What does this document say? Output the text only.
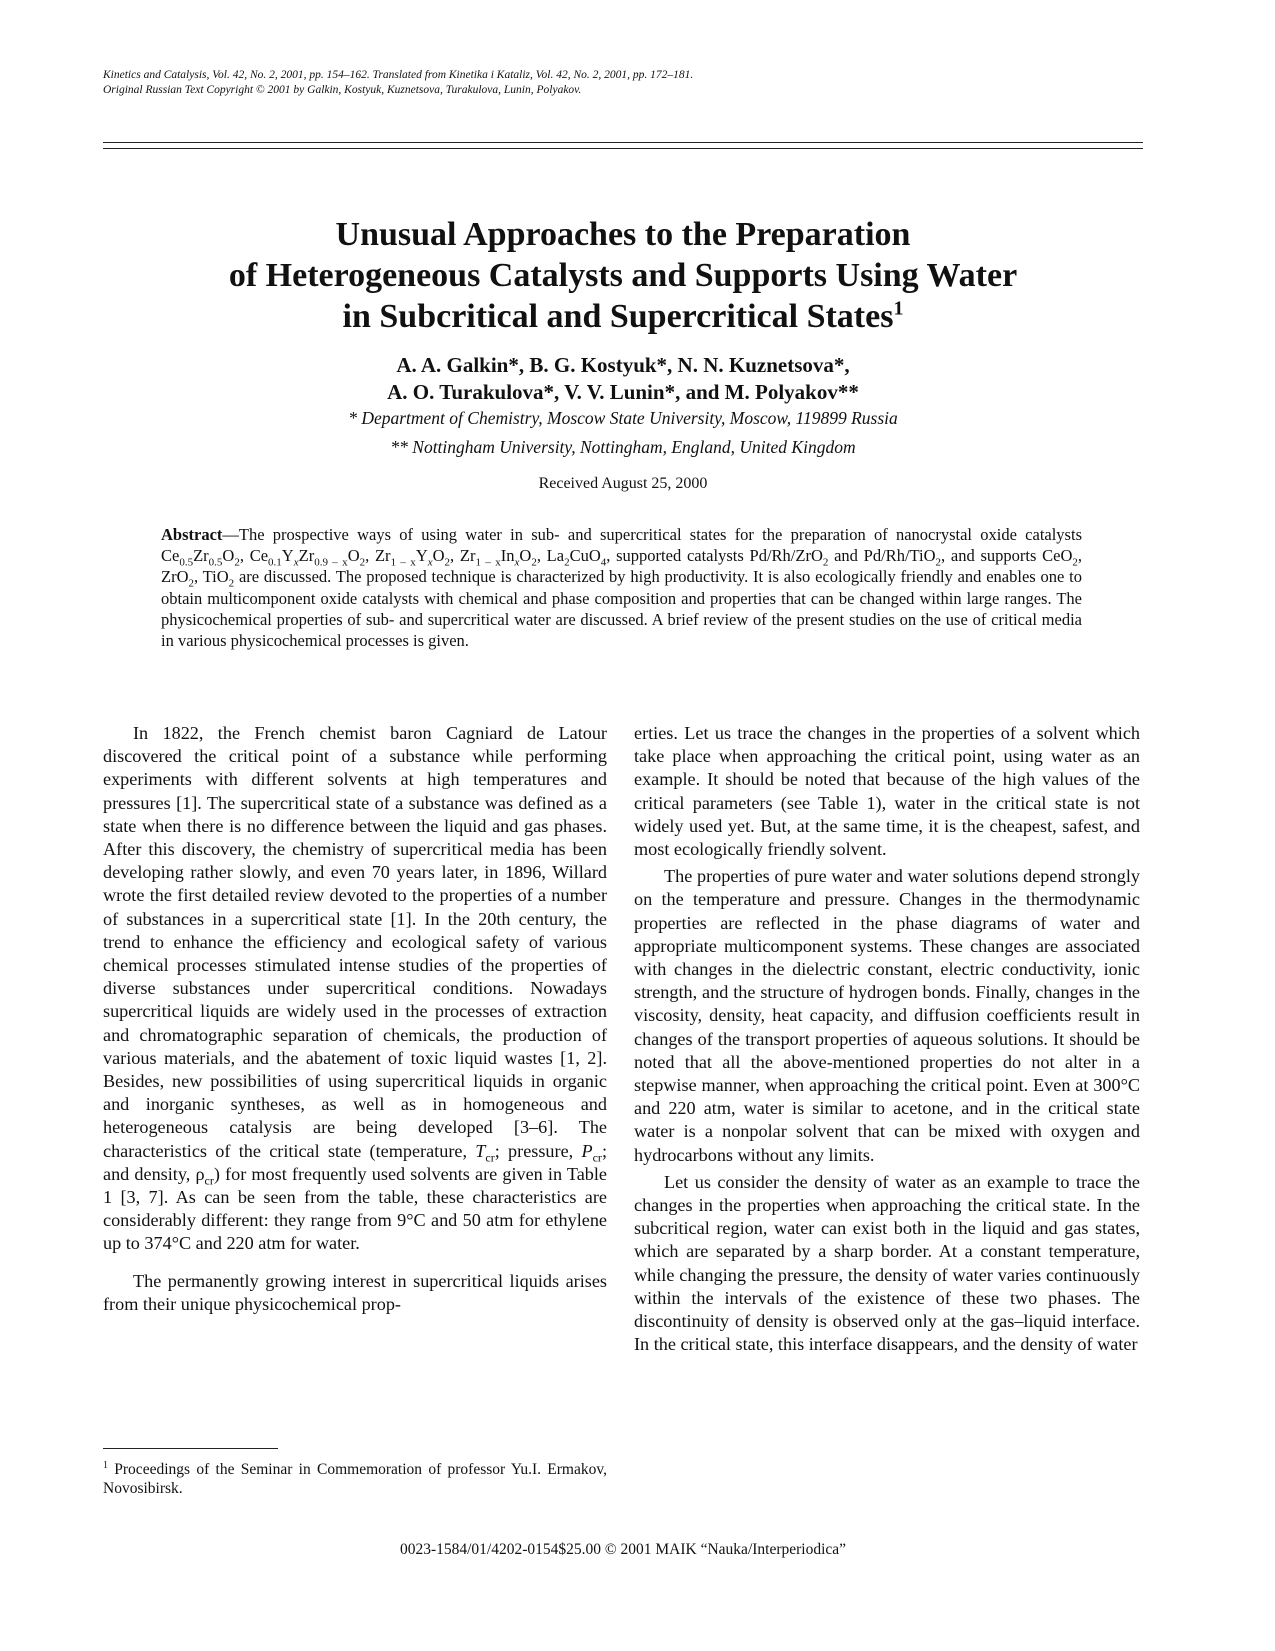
Kinetics and Catalysis, Vol. 42, No. 2, 2001, pp. 154–162. Translated from Kinetika i Kataliz, Vol. 42, No. 2, 2001, pp. 172–181.
Original Russian Text Copyright © 2001 by Galkin, Kostyuk, Kuznetsova, Turakulova, Lunin, Polyakov.
Unusual Approaches to the Preparation
of Heterogeneous Catalysts and Supports Using Water
in Subcritical and Supercritical States$^1$
A. A. Galkin*, B. G. Kostyuk*, N. N. Kuznetsova*,
A. O. Turakulova*, V. V. Lunin*, and M. Polyakov**
* Department of Chemistry, Moscow State University, Moscow, 119899 Russia
** Nottingham University, Nottingham, England, United Kingdom
Received August 25, 2000
Abstract—The prospective ways of using water in sub- and supercritical states for the preparation of nanocrystal oxide catalysts $Ce_{0.5}Zr_{0.5}O_2$, $Ce_{0.1}Y_xZr_{0.9 - x}O_2$, $Zr_{1 - x}Y_xO_2$, $Zr_{1 - x}In_xO_2$, $La_2CuO_4$, supported catalysts Pd/Rh/ZrO$_2$ and Pd/Rh/TiO$_2$, and supports CeO$_2$, ZrO$_2$, TiO$_2$ are discussed. The proposed technique is characterized by high productivity. It is also ecologically friendly and enables one to obtain multicomponent oxide catalysts with chemical and phase composition and properties that can be changed within large ranges. The physicochemical properties of sub- and supercritical water are discussed. A brief review of the present studies on the use of critical media in various physicochemical processes is given.

In 1822, the French chemist baron Cagniard de Latour discovered the critical point of a substance while performing experiments with different solvents at high temperatures and pressures [1]. The supercritical state of a substance was defined as a state when there is no difference between the liquid and gas phases. After this discovery, the chemistry of supercritical media has been developing rather slowly, and even 70 years later, in 1896, Willard wrote the first detailed review devoted to the properties of a number of substances in a supercritical state [1]. In the 20th century, the trend to enhance the efficiency and ecological safety of various chemical processes stimulated intense studies of the properties of diverse substances under supercritical conditions. Nowadays supercritical liquids are widely used in the processes of extraction and chromatographic separation of chemicals, the production of various materials, and the abatement of toxic liquid wastes [1, 2]. Besides, new possibilities of using supercritical liquids in organic and inorganic syntheses, as well as in homogeneous and heterogeneous catalysis are being developed [3–6]. The characteristics of the critical state (temperature, $T_{cr}$; pressure, $P_{cr}$; and density, $\rho_{cr}$) for most frequently used solvents are given in Table 1 [3, 7]. As can be seen from the table, these characteristics are considerably different: they range from 9°C and 50 atm for ethylene up to 374°C and 220 atm for water.

The permanently growing interest in supercritical liquids arises from their unique physicochemical prop-

erties. Let us trace the changes in the properties of a solvent which take place when approaching the critical point, using water as an example. It should be noted that because of the high values of the critical parameters (see Table 1), water in the critical state is not widely used yet. But, at the same time, it is the cheapest, safest, and most ecologically friendly solvent.

The properties of pure water and water solutions depend strongly on the temperature and pressure. Changes in the thermodynamic properties are reflected in the phase diagrams of water and appropriate multicomponent systems. These changes are associated with changes in the dielectric constant, electric conductivity, ionic strength, and the structure of hydrogen bonds. Finally, changes in the viscosity, density, heat capacity, and diffusion coefficients result in changes of the transport properties of aqueous solutions. It should be noted that all the above-mentioned properties do not alter in a stepwise manner, when approaching the critical point. Even at 300°C and 220 atm, water is similar to acetone, and in the critical state water is a nonpolar solvent that can be mixed with oxygen and hydrocarbons without any limits.

Let us consider the density of water as an example to trace the changes in the properties when approaching the critical state. In the subcritical region, water can exist both in the liquid and gas states, which are separated by a sharp border. At a constant temperature, while changing the pressure, the density of water varies continuously within the intervals of the existence of these two phases. The discontinuity of density is observed only at the gas–liquid interface. In the critical state, this interface disappears, and the density of water

$^1$ Proceedings of the Seminar in Commemoration of professor Yu.I. Ermakov, Novosibirsk.
0023-1584/01/4202-0154$25.00 © 2001 MAIK “Nauka/Interperiodica”
